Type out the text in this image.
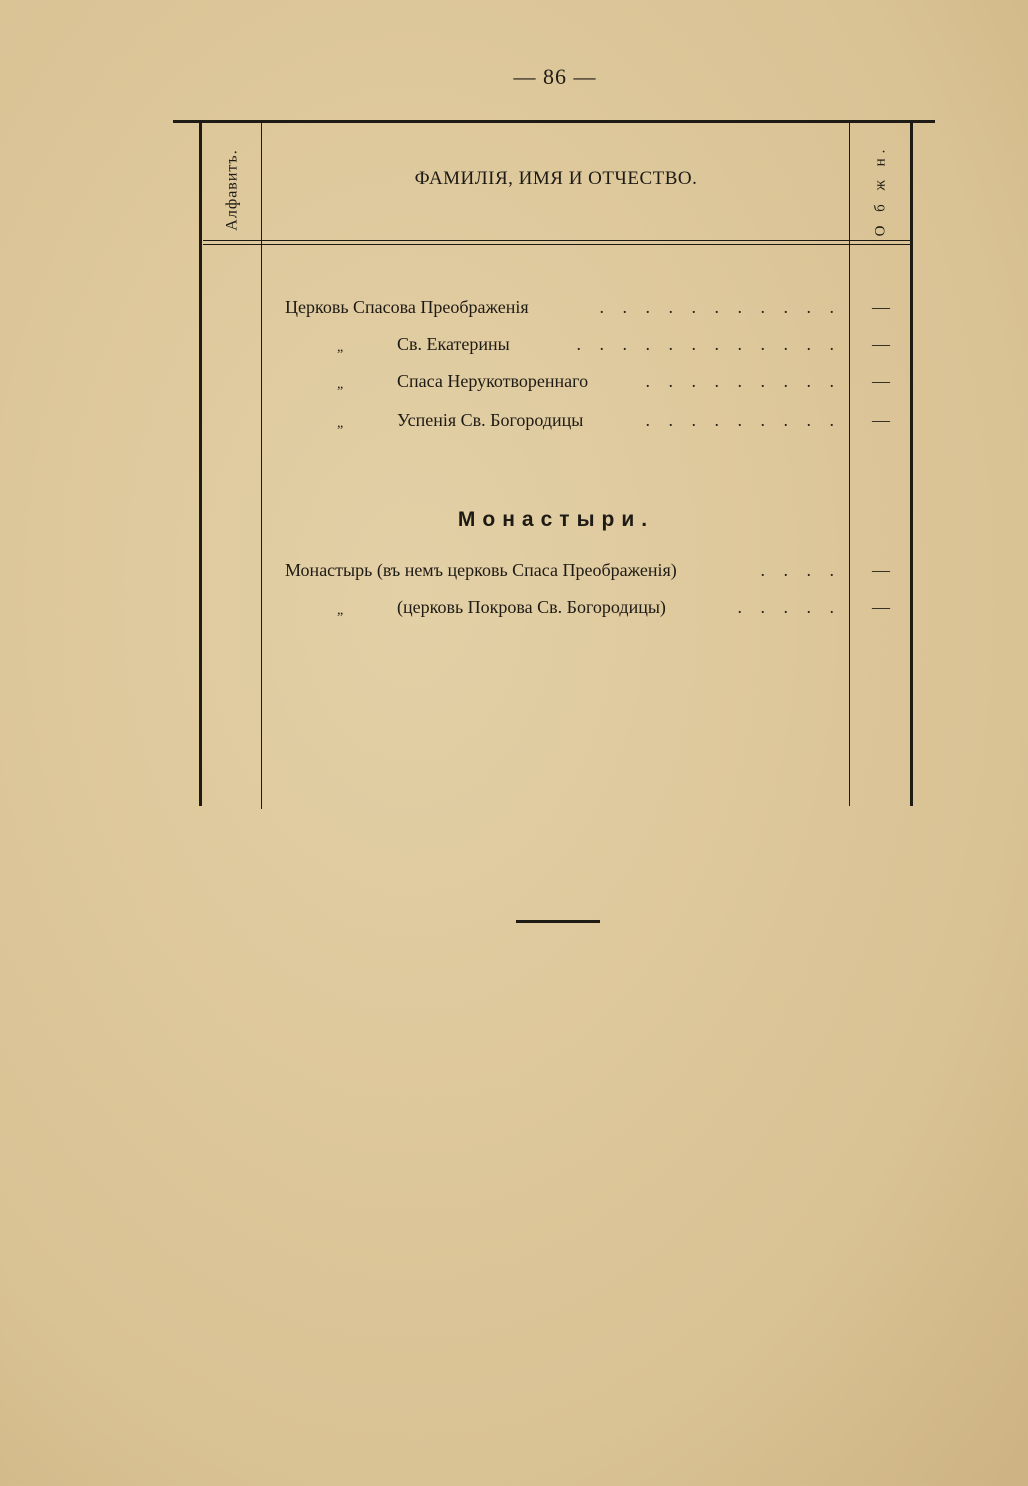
— 86 —
Алфавитъ.	ФАМИЛІЯ, ИМЯ И ОТЧЕСТВО.	О б ж н.
Церковь Спасова Преображенія	. . . . . . . . . . .	—
„	Св. Екатерины	. . . . . . . . . . . .	—
„	Спаса Нерукотвореннаго	. . . . . . . . .	—
„	Успенія Св. Богородицы	. . . . . . . . .	—
Монастыри.
Монастырь (въ немъ церковь Спаса Преображенія)	. . . .	—
„	(церковь Покрова Св. Богородицы)	. . . . .	—
